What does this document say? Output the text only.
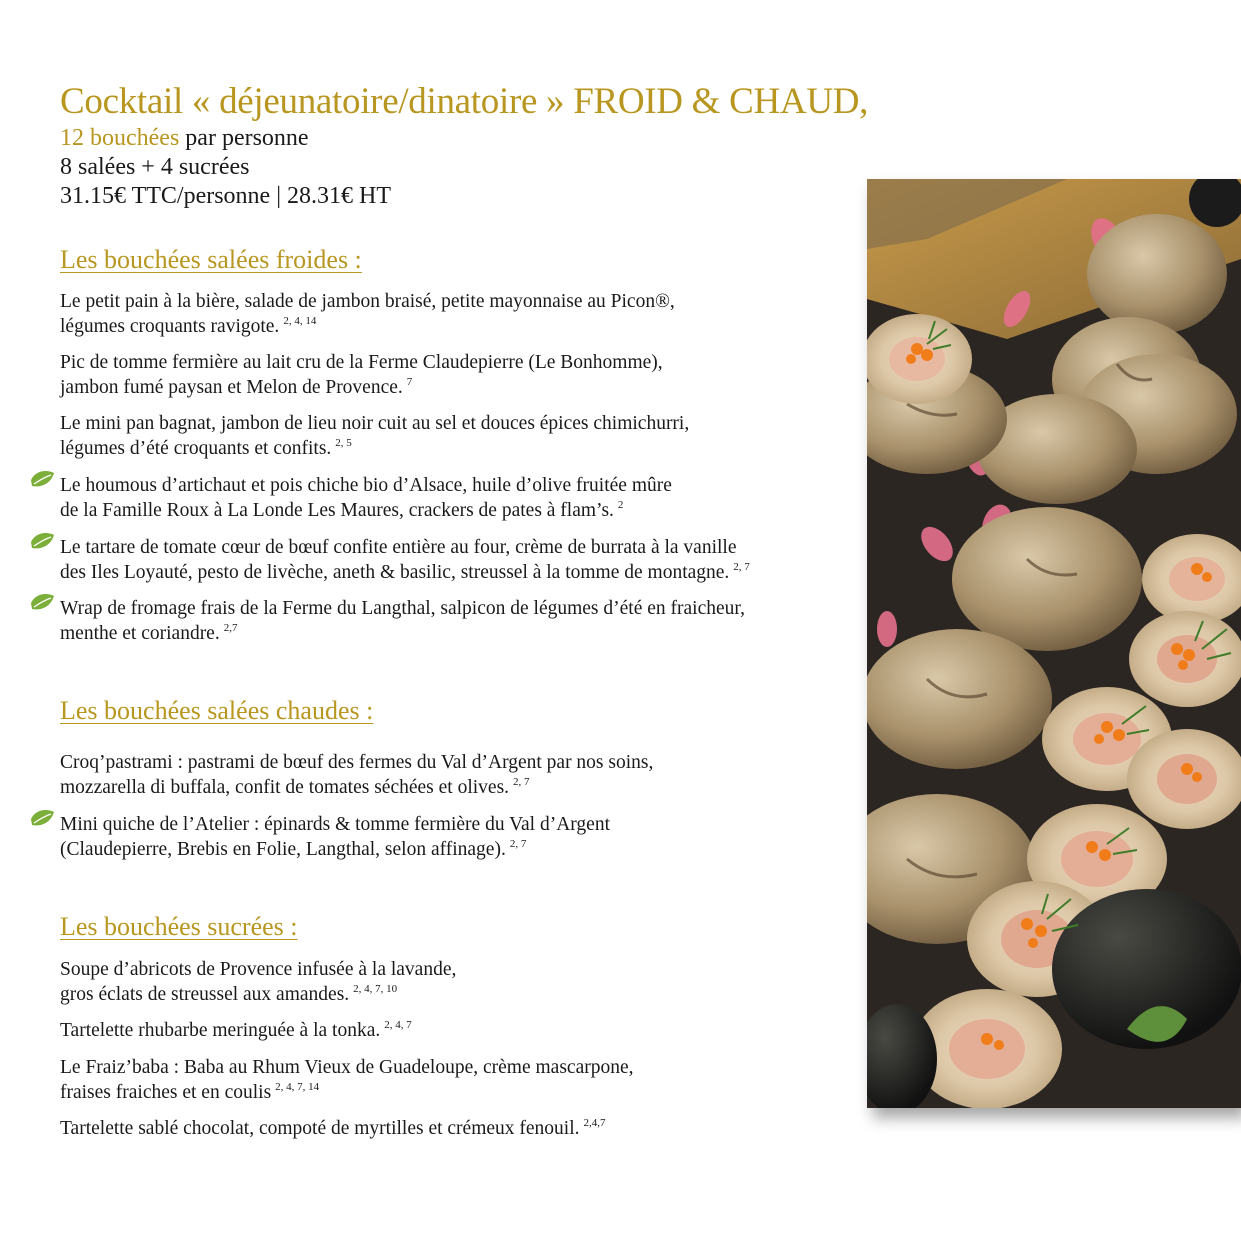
Cocktail « déjeunatoire/dinatoire » FROID & CHAUD,
12 bouchées par personne
8 salées + 4 sucrées
31.15€ TTC/personne | 28.31€ HT
Les bouchées salées froides :
Le petit pain à la bière, salade de jambon braisé, petite mayonnaise au Picon®,
légumes croquants ravigote. $^{2, 4, 14}$
Pic de tomme fermière au lait cru de la Ferme Claudepierre (Le Bonhomme),
jambon fumé paysan et Melon de Provence. $^7$
Le mini pan bagnat, jambon de lieu noir cuit au sel et douces épices chimichurri,
légumes d’été croquants et confits. $^{2, 5}$
Le houmous d’artichaut et pois chiche bio d’Alsace, huile d’olive fruitée mûre
de la Famille Roux à La Londe Les Maures, crackers de pates à flam’s. $^2$
Le tartare de tomate cœur de bœuf confite entière au four, crème de burrata à la vanille
des Iles Loyauté, pesto de livèche, aneth & basilic, streussel à la tomme de montagne. $^{2, 7}$
Wrap de fromage frais de la Ferme du Langthal, salpicon de légumes d’été en fraicheur,
menthe et coriandre. $^{2,7}$
Les bouchées salées chaudes :
Croq’pastrami : pastrami de bœuf des fermes du Val d’Argent par nos soins,
mozzarella di buffala, confit de tomates séchées et olives. $^{2, 7}$
Mini quiche de l’Atelier : épinards & tomme fermière du Val d’Argent
(Claudepierre, Brebis en Folie, Langthal, selon affinage). $^{2, 7}$
Les bouchées sucrées :
Soupe d’abricots de Provence infusée à la lavande,
gros éclats de streussel aux amandes. $^{2, 4, 7, 10}$
Tartelette rhubarbe meringuée à la tonka. $^{2, 4, 7}$
Le Fraiz’baba : Baba au Rhum Vieux de Guadeloupe, crème mascarpone,
fraises fraiches et en coulis $^{2, 4, 7, 14}$
Tartelette sablé chocolat, compoté de myrtilles et crémeux fenouil. $^{2,4,7}$
